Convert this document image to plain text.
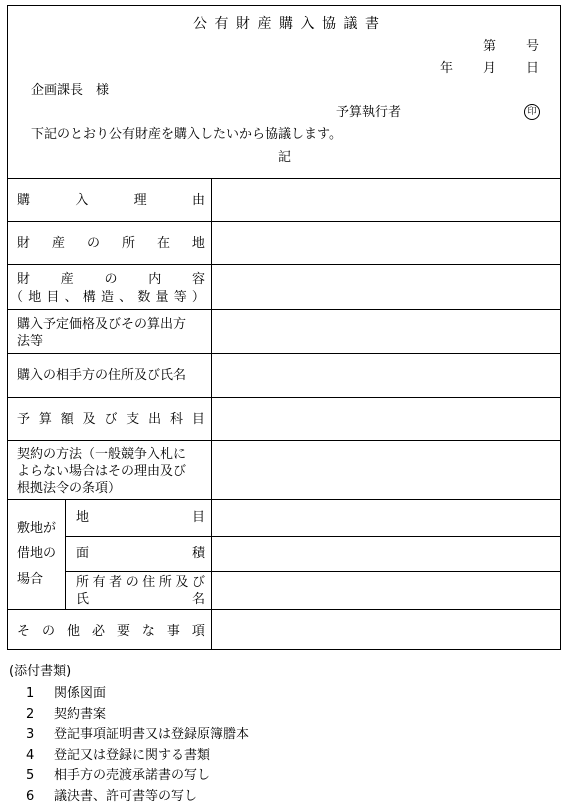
公 有 財 産 購 入 協 議 書
第 号
年 月 日
企画課長　様
予算執行者	印
下記のとおり公有財産を購入したいから協議します。
記
購	入	理	由
財 産 の 所 在 地
財 産 の 内 容
（ 地 目 、 構 造 、 数 量 等 ）
購入予定価格及びその算出方
法等
購入の相手方の住所及び氏名
予 算 額 及 び 支 出 科 目
契約の方法（一般競争入札に
よらない場合はその理由及び
根拠法令の条項）
敷地が
借地の
場合
地	目
面	積
所 有 者 の 住 所 及 び
氏	名
そ の 他 必 要 な 事 項
(添付書類)
1 関係図面
2 契約書案
3 登記事項証明書又は登録原簿謄本
4 登記又は登録に関する書類
5 相手方の売渡承諾書の写し
6 議決書、許可書等の写し
